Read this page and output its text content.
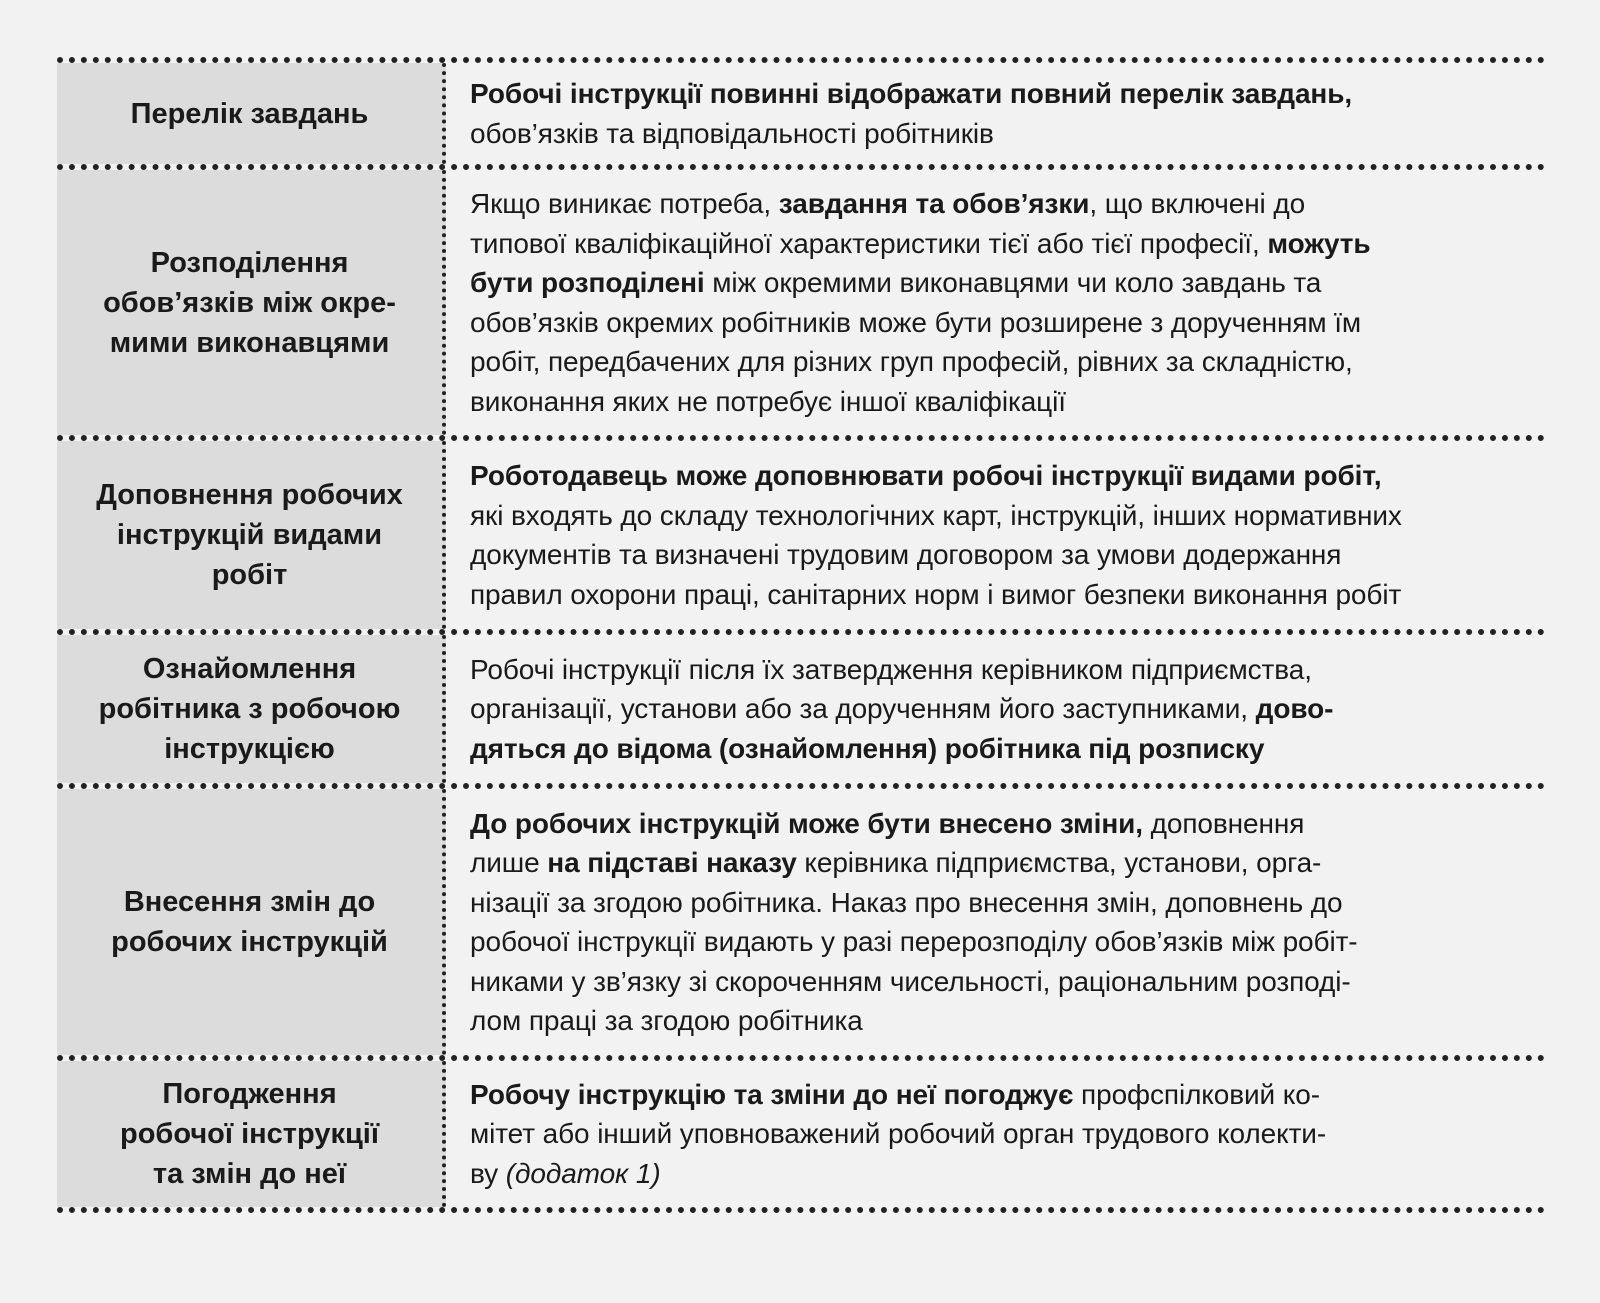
Перелік завдань
Робочі інструкції повинні відображати повний перелік завдань,
обов’язків та відповідальності робітників
Розподілення
обов’язків між окре-
мими виконавцями
Якщо виникає потреба, завдання та обов’язки, що включені до
типової кваліфікаційної характеристики тієї або тієї професії, можуть
бути розподілені між окремими виконавцями чи коло завдань та
обов’язків окремих робітників може бути розширене з дорученням їм
робіт, передбачених для різних груп професій, рівних за складністю,
виконання яких не потребує іншої кваліфікації
Доповнення робочих
інструкцій видами
робіт
Роботодавець може доповнювати робочі інструкції видами робіт,
які входять до складу технологічних карт, інструкцій, інших нормативних
документів та визначені трудовим договором за умови додержання
правил охорони праці, санітарних норм і вимог безпеки виконання робіт
Ознайомлення
робітника з робочою
інструкцією
Робочі інструкції після їх затвердження керівником підприємства,
організації, установи або за дорученням його заступниками, дово-
дяться до відома (ознайомлення) робітника під розписку
Внесення змін до
робочих інструкцій
До робочих інструкцій може бути внесено зміни, доповнення
лише на підставі наказу керівника підприємства, установи, орга-
нізації за згодою робітника. Наказ про внесення змін, доповнень до
робочої інструкції видають у разі перерозподілу обов’язків між робіт-
никами у зв’язку зі скороченням чисельності, раціональним розподі-
лом праці за згодою робітника
Погодження
робочої інструкції
та змін до неї
Робочу інструкцію та зміни до неї погоджує профспілковий ко-
мітет або інший уповноважений робочий орган трудового колекти-
ву (додаток 1)
